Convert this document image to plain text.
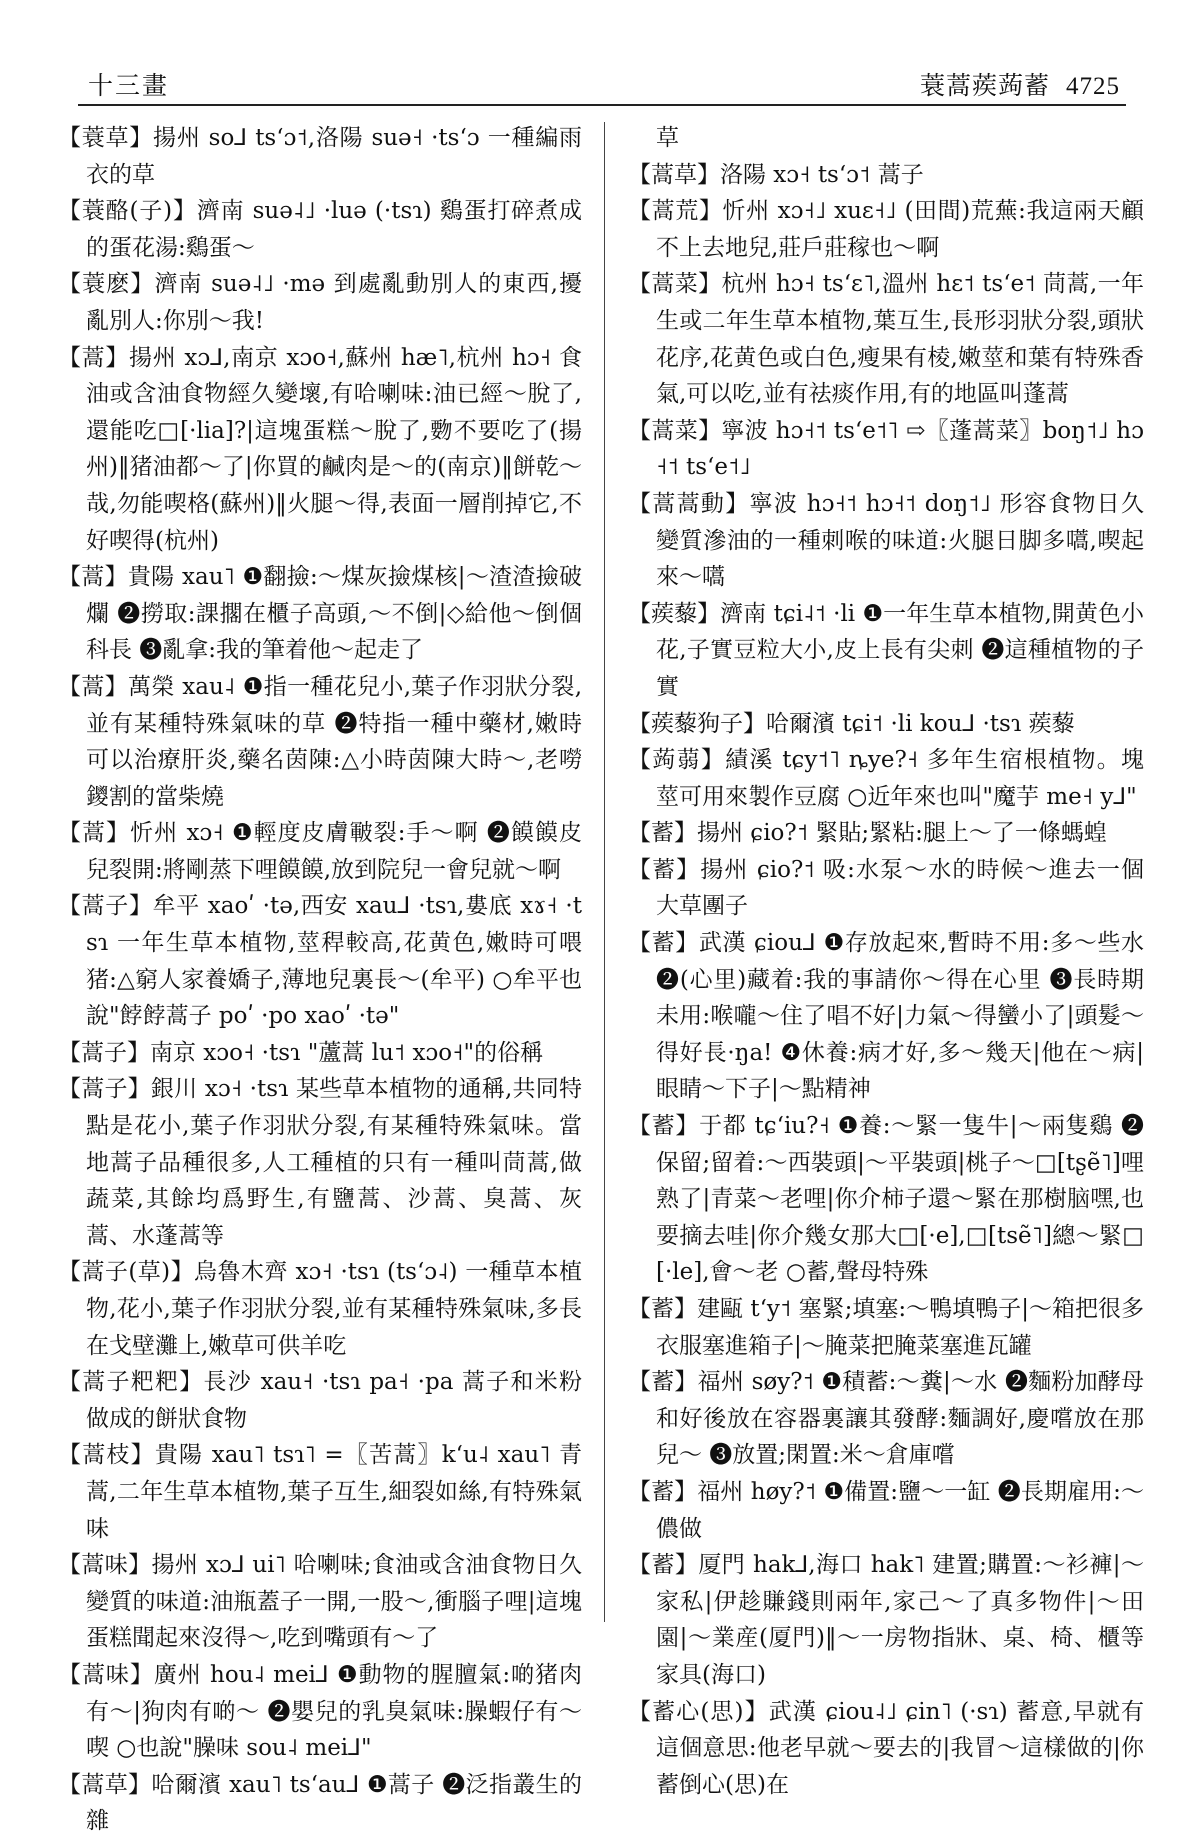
十三畫	蓑蒿蒺蒟蓄 4725

【蓑草】揚州 so⅃ ts‘ɔ˦,洛陽 suə˧ ·ts‘ɔ 一種編雨衣的草

【蓑酪(子)】濟南 suə˨˩ ·luə (·tsɿ) 鷄蛋打碎煮成的蛋花湯:鷄蛋～

【蓑麽】濟南 suə˨˩ ·mə 到處亂動別人的東西,擾亂別人:你別～我!

【蒿】揚州 xɔ⅃,南京 xɔo˧,蘇州 hæ˥,杭州 hɔ˧ 食油或含油食物經久變壞,有哈喇味:油已經～脫了,還能吃□[·lia]?|這塊蛋糕～脫了,覅不要吃了(揚州)‖猪油都～了|你買的鹹肉是～的(南京)‖餅乾～哉,勿能喫格(蘇州)‖火腿～得,表面一層削掉它,不好喫得(杭州)

【蒿】貴陽 xau˥ ❶翻撿:～煤灰撿煤核|～渣渣撿破爛 ❷撈取:課擱在櫃子高頭,～不倒|◇給他～倒個科長 ❸亂拿:我的筆着他～起走了

【蒿】萬榮 xau˨ ❶指一種花兒小,葉子作羽狀分裂,並有某種特殊氣味的草 ❷特指一種中藥材,嫩時可以治療肝炎,藥名茵陳:△小時茵陳大時～,老嘮鑁割的當柴燒

【蒿】忻州 xɔ˧ ❶輕度皮膚皸裂:手～啊 ❷饃饃皮兒裂開:將剛蒸下哩饃饃,放到院兒一會兒就～啊

【蒿子】牟平 xaoʹ ·tə,西安 xau⅃ ·tsɿ,婁底 xɤ˧ ·tsɿ 一年生草本植物,莖稈較高,花黄色,嫩時可喂猪:△窮人家養嬌子,薄地兒裏長～(牟平) ○牟平也說"餑餑蒿子 poʹ ·po xaoʹ ·tə"

【蒿子】南京 xɔo˧ ·tsɿ "蘆蒿 lu˦ xɔo˧"的俗稱

【蒿子】銀川 xɔ˧ ·tsɿ 某些草本植物的通稱,共同特點是花小,葉子作羽狀分裂,有某種特殊氣味。當地蒿子品種很多,人工種植的只有一種叫茼蒿,做蔬菜,其餘均爲野生,有鹽蒿、沙蒿、臭蒿、灰蒿、水蓬蒿等

【蒿子(草)】烏魯木齊 xɔ˧ ·tsɿ (ts‘ɔ˨) 一種草本植物,花小,葉子作羽狀分裂,並有某種特殊氣味,多長在戈壁灘上,嫩草可供羊吃

【蒿子粑粑】長沙 xau˧ ·tsɿ pa˧ ·pa 蒿子和米粉做成的餅狀食物

【蒿枝】貴陽 xau˥ tsɿ˥ =〖苦蒿〗k‘u˨ xau˥ 青蒿,二年生草本植物,葉子互生,細裂如絲,有特殊氣味

【蒿味】揚州 xɔ⅃ ui˥ 哈喇味;食油或含油食物日久變質的味道:油瓶蓋子一開,一股～,衝腦子哩|這塊蛋糕聞起來沒得～,吃到嘴頭有～了

【蒿味】廣州 hou˨ mei⅃ ❶動物的腥膻氣:啲猪肉有～|狗肉有啲～ ❷嬰兒的乳臭氣味:臊蝦仔有～喫 ○也說"臊味 sou˨ mei⅃"

【蒿草】哈爾濱 xau˥ ts‘au⅃ ❶蒿子 ❷泛指叢生的雜

草

【蒿草】洛陽 xɔ˧ ts‘ɔ˦ 蒿子

【蒿荒】忻州 xɔ˧˩ xuɛ˧˩ (田間)荒蕪:我這兩天顧不上去地兒,莊戶莊稼也～啊

【蒿菜】杭州 hɔ˧ ts‘ɛ˥,溫州 hɛ˦ ts‘e˦ 茼蒿,一年生或二年生草本植物,葉互生,長形羽狀分裂,頭狀花序,花黄色或白色,瘦果有棱,嫩莖和葉有特殊香氣,可以吃,並有祛痰作用,有的地區叫蓬蒿

【蒿菜】寧波 hɔ˧˦ ts‘e˦˥ ⇨〖蓬蒿菜〗boŋ˦˩ hɔ˧˦ ts‘e˦˩

【蒿蒿動】寧波 hɔ˧˦ hɔ˧˦ doŋ˦˩ 形容食物日久變質滲油的一種刺喉的味道:火腿日脚多嚆,喫起來～嚆

【蒺藜】濟南 tɕi˨˦ ·li ❶一年生草本植物,開黄色小花,子實豆粒大小,皮上長有尖刺 ❷這種植物的子實

【蒺藜狗子】哈爾濱 tɕi˦ ·li kou⅃ ·tsɿ 蒺藜

【蒟蒻】績溪 tɕy˦˥ ȵye?˧ 多年生宿根植物。塊莖可用來製作豆腐 ○近年來也叫"魔芋 me˧ y⅃"

【蓄】揚州 ɕio?˦ 緊貼;緊粘:腿上～了一條螞蝗

【蓄】揚州 ɕio?˦ 吸:水泵～水的時候～進去一個大草團子

【蓄】武漢 ɕiou⅃ ❶存放起來,暫時不用:多～些水 ❷(心里)藏着:我的事請你～得在心里 ❸長時期未用:喉嚨～住了唱不好|力氣～得蠻小了|頭髮～得好長·ŋa! ❹休養:病才好,多～幾天|他在～病|眼睛～下子|～點精神

【蓄】于都 tɕ‘iu?˧ ❶養:～緊一隻牛|～兩隻鷄 ❷保留;留着:～西裝頭|～平裝頭|桃子～□[tʂẽ˥]哩熟了|青菜～老哩|你介柿子還～緊在那樹脑嘿,也要摘去哇|你介幾女那大□[·e],□[tsẽ˥]總～緊□[·le],會～老 ○蓄,聲母特殊

【蓄】建甌 t‘y˦ 塞緊;填塞:～鴨填鴨子|～箱把很多衣服塞進箱子|～腌菜把腌菜塞進瓦罐

【蓄】福州 søy?˦ ❶積蓄:～糞|～水 ❷麵粉加酵母和好後放在容器裏讓其發酵:麵調好,慶嚐放在那兒～ ❸放置;閑置:米～倉庫嚐

【蓄】福州 høy?˦ ❶備置:鹽～一缸 ❷長期雇用:～儂做

【蓄】厦門 hak⅃,海口 hak˥ 建置;購置:～衫褲|～家私|伊趁賺錢則兩年,家己～了真多物件|～田園|～業産(厦門)‖～一房物指牀、桌、椅、櫃等家具(海口)

【蓄心(思)】武漢 ɕiou˨˩ ɕin˥ (·sɿ) 蓄意,早就有這個意思:他老早就～要去的|我冒～這樣做的|你蓄倒心(思)在
